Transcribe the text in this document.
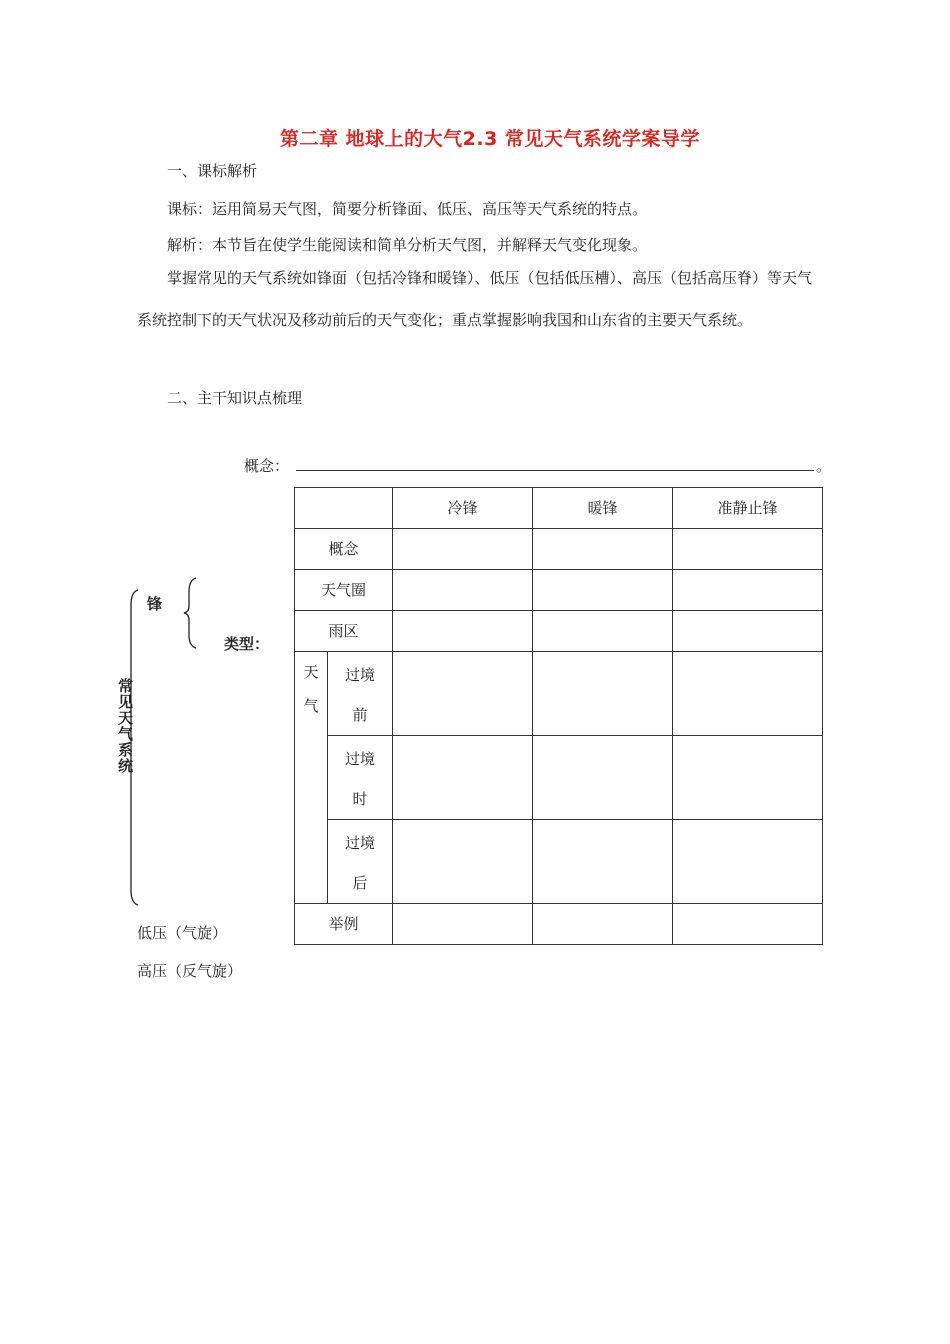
第二章 地球上的大气2.3 常见天气系统学案导学
一、课标解析
课标：运用简易天气图，简要分析锋面、低压、高压等天气系统的特点。
解析：本节旨在使学生能阅读和简单分析天气图，并解释天气变化现象。
掌握常见的天气系统如锋面（包括冷锋和暖锋）、低压（包括低压槽）、高压（包括高压脊）等天气系统控制下的天气状况及移动前后的天气变化；重点掌握影响我国和山东省的主要天气系统。
二、主干知识点梳理
概念：	。
锋
类型：
常见天气系统
		冷锋	暖锋	准静止锋
概念				
天气圈				
雨区				

天气	过境前			

	过境时			

	过境后			

举例				
低压（气旋）
高压（反气旋）
